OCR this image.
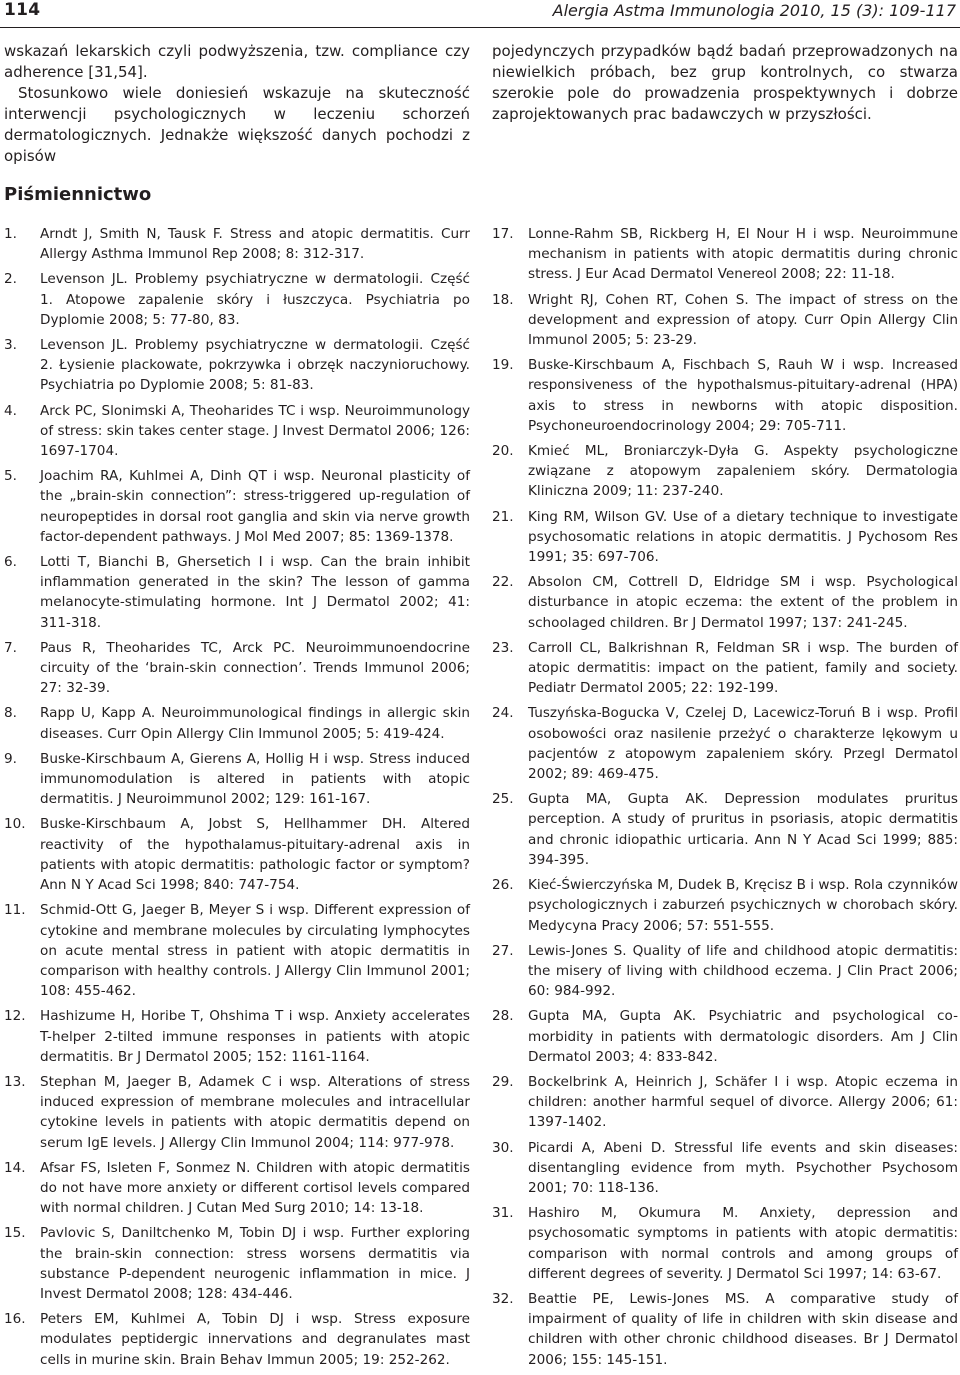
114	Alergia Astma Immunologia 2010, 15 (3): 109-117

wskazań lekarskich czyli podwyższenia, tzw. compliance czy adherence [31,54].

Stosunkowo wiele doniesień wskazuje na skuteczność interwencji psychologicznych w leczeniu schorzeń dermatologicznych. Jednakże większość danych pochodzi z opisów

pojedynczych przypadków bądź badań przeprowadzonych na niewielkich próbach, bez grup kontrolnych, co stwarza szerokie pole do prowadzenia prospektywnych i dobrze zaprojektowanych prac badawczych w przyszłości.

Piśmiennictwo
1.	Arndt J, Smith N, Tausk F. Stress and atopic dermatitis. Curr Allergy Asthma Immunol Rep 2008; 8: 312-317.
2.	Levenson JL. Problemy psychiatryczne w dermatologii. Część 1. Atopowe zapalenie skóry i łuszczyca. Psychiatria po Dyplomie 2008; 5: 77-80, 83.
3.	Levenson JL. Problemy psychiatryczne w dermatologii. Część 2. Łysienie plackowate, pokrzywka i obrzęk naczynioruchowy. Psychiatria po Dyplomie 2008; 5: 81-83.
4.	Arck PC, Slonimski A, Theoharides TC i wsp. Neuroimmunology of stress: skin takes center stage. J Invest Dermatol 2006; 126: 1697-1704.
5.	Joachim RA, Kuhlmei A, Dinh QT i wsp. Neuronal plasticity of the „brain-skin connection”: stress-triggered up-regulation of neuropeptides in dorsal root ganglia and skin via nerve growth factor-dependent pathways. J Mol Med 2007; 85: 1369-1378.
6.	Lotti T, Bianchi B, Ghersetich I i wsp. Can the brain inhibit inflammation generated in the skin? The lesson of gamma melanocyte-stimulating hormone. Int J Dermatol 2002; 41: 311-318.
7.	Paus R, Theoharides TC, Arck PC. Neuroimmunoendocrine circuity of the ‘brain-skin connection’. Trends Immunol 2006; 27: 32-39.
8.	Rapp U, Kapp A. Neuroimmunological findings in allergic skin diseases. Curr Opin Allergy Clin Immunol 2005; 5: 419-424.
9.	Buske-Kirschbaum A, Gierens A, Hollig H i wsp. Stress induced immunomodulation is altered in patients with atopic dermatitis. J Neuroimmunol 2002; 129: 161-167.
10.	Buske-Kirschbaum A, Jobst S, Hellhammer DH. Altered reactivity of the hypothalamus-pituitary-adrenal axis in patients with atopic dermatitis: pathologic factor or symptom? Ann N Y Acad Sci 1998; 840: 747-754.
11.	Schmid-Ott G, Jaeger B, Meyer S i wsp. Different expression of cytokine and membrane molecules by circulating lymphocytes on acute mental stress in patient with atopic dermatitis in comparison with healthy controls. J Allergy Clin Immunol 2001; 108: 455-462.
12.	Hashizume H, Horibe T, Ohshima T i wsp. Anxiety accelerates T-helper 2-tilted immune responses in patients with atopic dermatitis. Br J Dermatol 2005; 152: 1161-1164.
13.	Stephan M, Jaeger B, Adamek C i wsp. Alterations of stress induced expression of membrane molecules and intracellular cytokine levels in patients with atopic dermatitis depend on serum IgE levels. J Allergy Clin Immunol 2004; 114: 977-978.
14.	Afsar FS, Isleten F, Sonmez N. Children with atopic dermatitis do not have more anxiety or different cortisol levels compared with normal children. J Cutan Med Surg 2010; 14: 13-18.
15.	Pavlovic S, Daniltchenko M, Tobin DJ i wsp. Further exploring the brain-skin connection: stress worsens dermatitis via substance P-dependent neurogenic inflammation in mice. J Invest Dermatol 2008; 128: 434-446.
16.	Peters EM, Kuhlmei A, Tobin DJ i wsp. Stress exposure modulates peptidergic innervations and degranulates mast cells in murine skin. Brain Behav Immun 2005; 19: 252-262.
17.	Lonne-Rahm SB, Rickberg H, El Nour H i wsp. Neuroimmune mechanism in patients with atopic dermatitis during chronic stress. J Eur Acad Dermatol Venereol 2008; 22: 11-18.
18.	Wright RJ, Cohen RT, Cohen S. The impact of stress on the development and expression of atopy. Curr Opin Allergy Clin Immunol 2005; 5: 23-29.
19.	Buske-Kirschbaum A, Fischbach S, Rauh W i wsp. Increased responsiveness of the hypothalsmus-pituitary-adrenal (HPA) axis to stress in newborns with atopic disposition. Psychoneuroendocrinology 2004; 29: 705-711.
20.	Kmieć ML, Broniarczyk-Dyła G. Aspekty psychologiczne związane z atopowym zapaleniem skóry. Dermatologia Kliniczna 2009; 11: 237-240.
21.	King RM, Wilson GV. Use of a dietary technique to investigate psychosomatic relations in atopic dermatitis. J Pychosom Res 1991; 35: 697-706.
22.	Absolon CM, Cottrell D, Eldridge SM i wsp. Psychological disturbance in atopic eczema: the extent of the problem in schoolaged children. Br J Dermatol 1997; 137: 241-245.
23.	Carroll CL, Balkrishnan R, Feldman SR i wsp. The burden of atopic dermatitis: impact on the patient, family and society. Pediatr Dermatol 2005; 22: 192-199.
24.	Tuszyńska-Bogucka V, Czelej D, Lacewicz-Toruń B i wsp. Profil osobowości oraz nasilenie przeżyć o charakterze lękowym u pacjentów z atopowym zapaleniem skóry. Przegl Dermatol 2002; 89: 469-475.
25.	Gupta MA, Gupta AK. Depression modulates pruritus perception. A study of pruritus in psoriasis, atopic dermatitis and chronic idiopathic urticaria. Ann N Y Acad Sci 1999; 885: 394-395.
26.	Kieć-Świerczyńska M, Dudek B, Kręcisz B i wsp. Rola czynników psychologicznych i zaburzeń psychicznych w chorobach skóry. Medycyna Pracy 2006; 57: 551-555.
27.	Lewis-Jones S. Quality of life and childhood atopic dermatitis: the misery of living with childhood eczema. J Clin Pract 2006; 60: 984-992.
28.	Gupta MA, Gupta AK. Psychiatric and psychological co-morbidity in patients with dermatologic disorders. Am J Clin Dermatol 2003; 4: 833-842.
29.	Bockelbrink A, Heinrich J, Schäfer I i wsp. Atopic eczema in children: another harmful sequel of divorce. Allergy 2006; 61: 1397-1402.
30.	Picardi A, Abeni D. Stressful life events and skin diseases: disentangling evidence from myth. Psychother Psychosom 2001; 70: 118-136.
31.	Hashiro M, Okumura M. Anxiety, depression and psychosomatic symptoms in patients with atopic dermatitis: comparison with normal controls and among groups of different degrees of severity. J Dermatol Sci 1997; 14: 63-67.
32.	Beattie PE, Lewis-Jones MS. A comparative study of impairment of quality of life in children with skin disease and children with other chronic childhood diseases. Br J Dermatol 2006; 155: 145-151.
